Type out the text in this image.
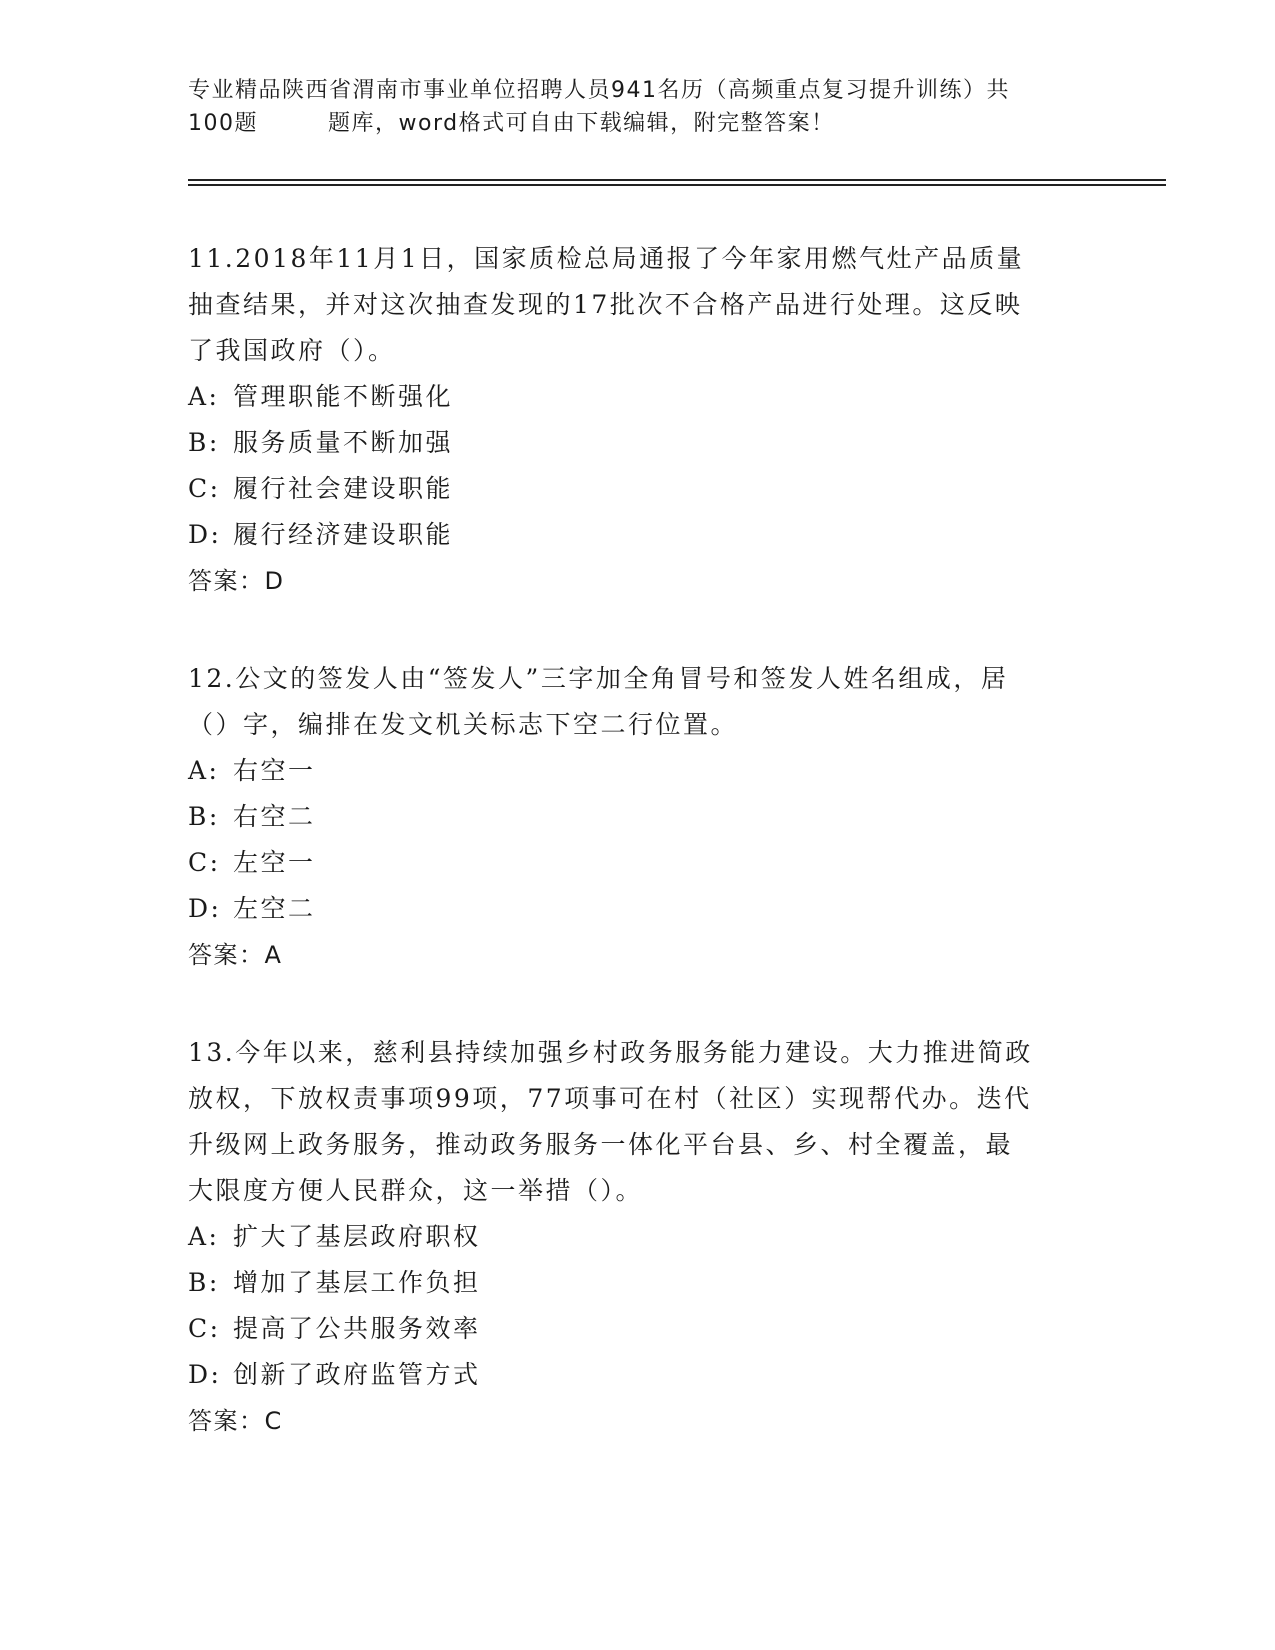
专业精品陕西省渭南市事业单位招聘人员941名历（高频重点复习提升训练）共
100题	题库，word格式可自由下载编辑，附完整答案！
11.2018年11月1日，国家质检总局通报了今年家用燃气灶产品质量
抽查结果，并对这次抽查发现的17批次不合格产品进行处理。这反映
了我国政府（）。
A: 管理职能不断强化
B: 服务质量不断加强
C: 履行社会建设职能
D: 履行经济建设职能
答案：D
12.公文的签发人由“签发人”三字加全角冒号和签发人姓名组成，居
（）字，编排在发文机关标志下空二行位置。
A: 右空一
B: 右空二
C: 左空一
D: 左空二
答案：A
13.今年以来，慈利县持续加强乡村政务服务能力建设。大力推进简政
放权，下放权责事项99项，77项事可在村（社区）实现帮代办。迭代
升级网上政务服务，推动政务服务一体化平台县、乡、村全覆盖，最
大限度方便人民群众，这一举措（）。
A: 扩大了基层政府职权
B: 增加了基层工作负担
C: 提高了公共服务效率
D: 创新了政府监管方式
答案：C
